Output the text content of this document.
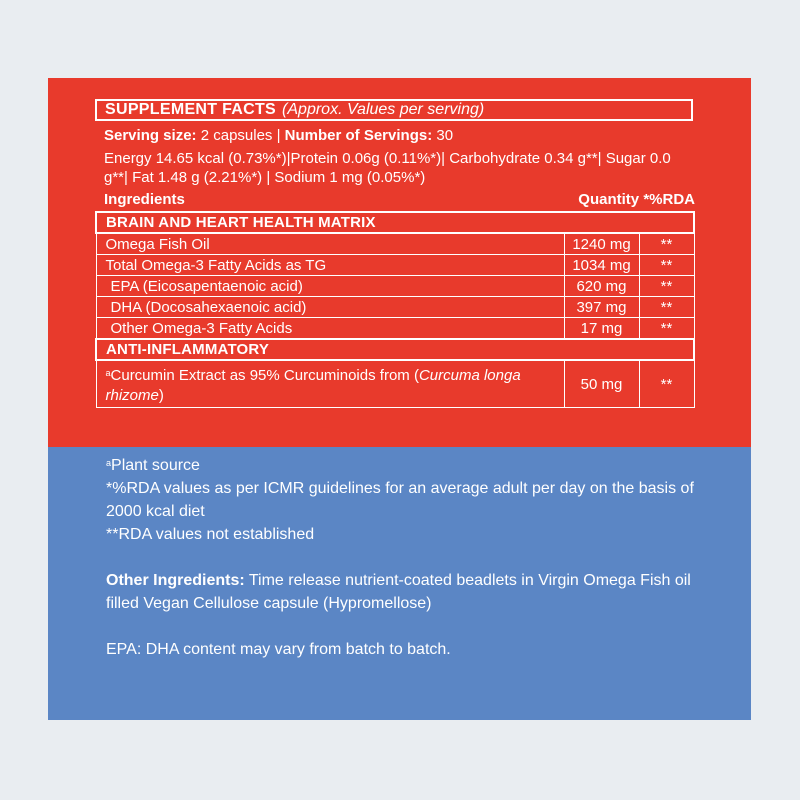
SUPPLEMENT FACTS (Approx. Values per serving)
Serving size: 2 capsules | Number of Servings: 30
Energy 14.65 kcal (0.73%*)|Protein 0.06g (0.11%*)| Carbohydrate 0.34 g**| Sugar 0.0 g**| Fat 1.48 g (2.21%*) | Sodium 1 mg (0.05%*)
Ingredients	Quantity *%RDA
BRAIN AND HEART HEALTH MATRIX		
Omega Fish Oil	1240 mg	**
Total Omega-3 Fatty Acids as TG	1034 mg	**
EPA (Eicosapentaenoic acid)	620 mg	**
DHA (Docosahexaenoic acid)	397 mg	**
Other Omega-3 Fatty Acids	17 mg	**
ANTI-INFLAMMATORY		
$^a$Curcumin Extract as 95% Curcuminoids from (Curcuma longa rhizome)	50 mg	**

$^a$Plant source

*%RDA values as per ICMR guidelines for an average adult per day on the basis of 2000 kcal diet

**RDA values not established

Other Ingredients: Time release nutrient-coated beadlets in Virgin Omega Fish oil filled Vegan Cellulose capsule (Hypromellose)

EPA: DHA content may vary from batch to batch.
